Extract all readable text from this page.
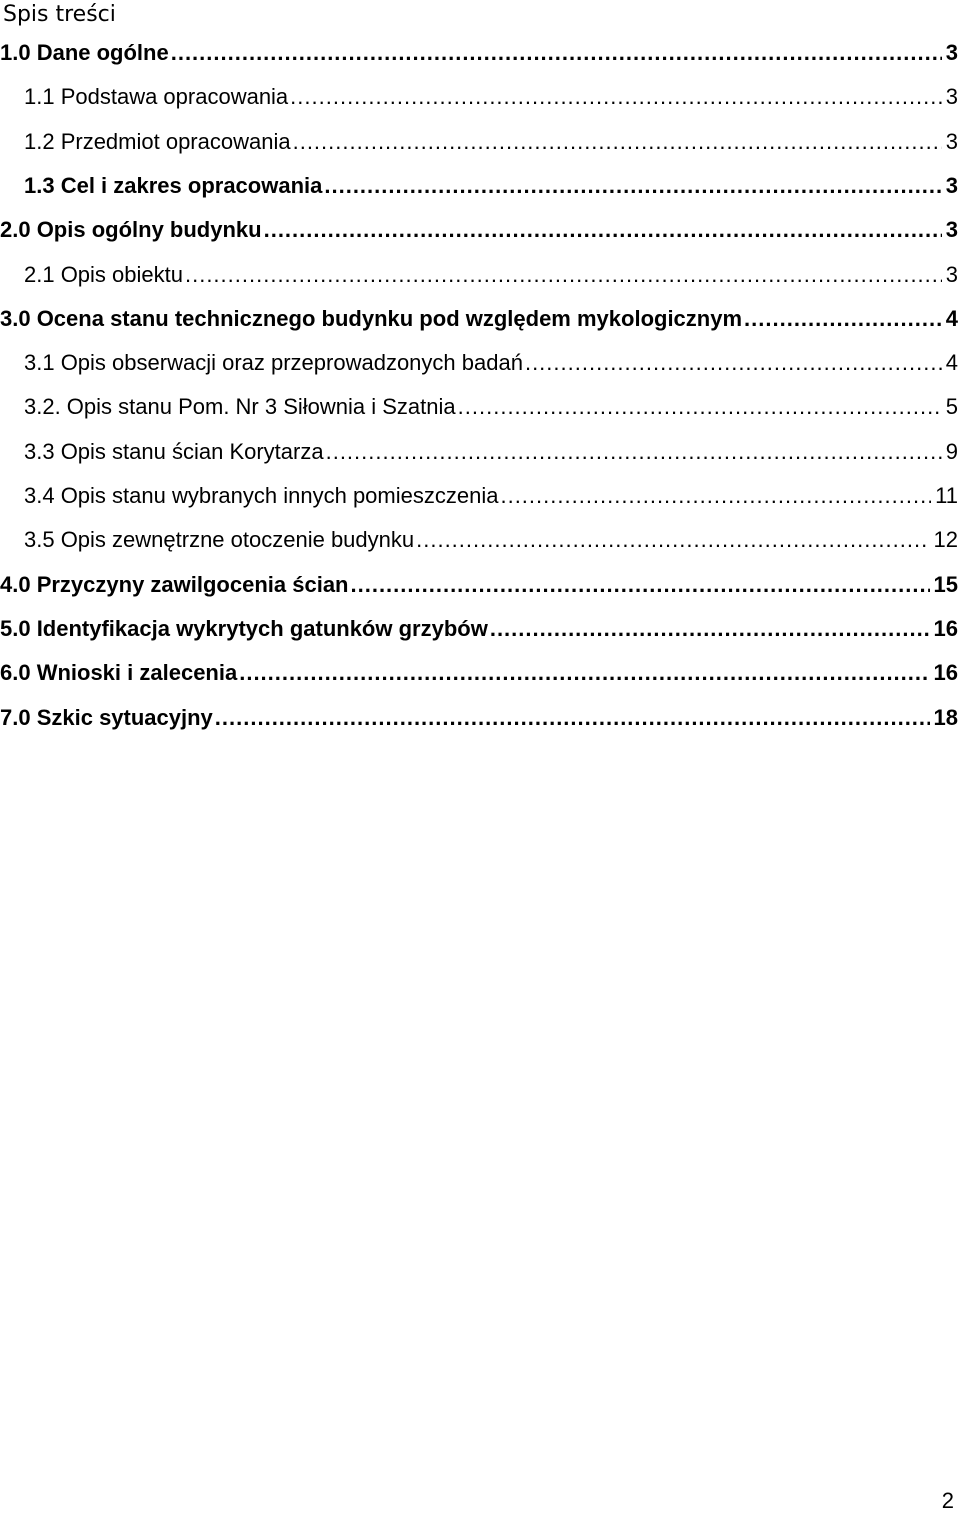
Spis treści
1.0 Dane ogólne .....	3
1.1 Podstawa opracowania .....	3
1.2 Przedmiot opracowania .....	3
1.3 Cel i zakres opracowania .....	3
2.0 Opis ogólny budynku .....	3
2.1 Opis obiektu .....	3
3.0 Ocena stanu technicznego budynku pod względem mykologicznym .....	4
3.1 Opis obserwacji oraz przeprowadzonych badań .....	4
3.2. Opis stanu Pom. Nr 3 Siłownia i Szatnia .....	5
3.3 Opis stanu ścian Korytarza .....	9
3.4 Opis stanu wybranych innych pomieszczenia .....	11
3.5 Opis zewnętrzne otoczenie budynku .....	12
4.0 Przyczyny zawilgocenia ścian .....	15
5.0 Identyfikacja wykrytych gatunków grzybów .....	16
6.0 Wnioski i zalecenia .....	16
7.0 Szkic sytuacyjny .....	18
2
